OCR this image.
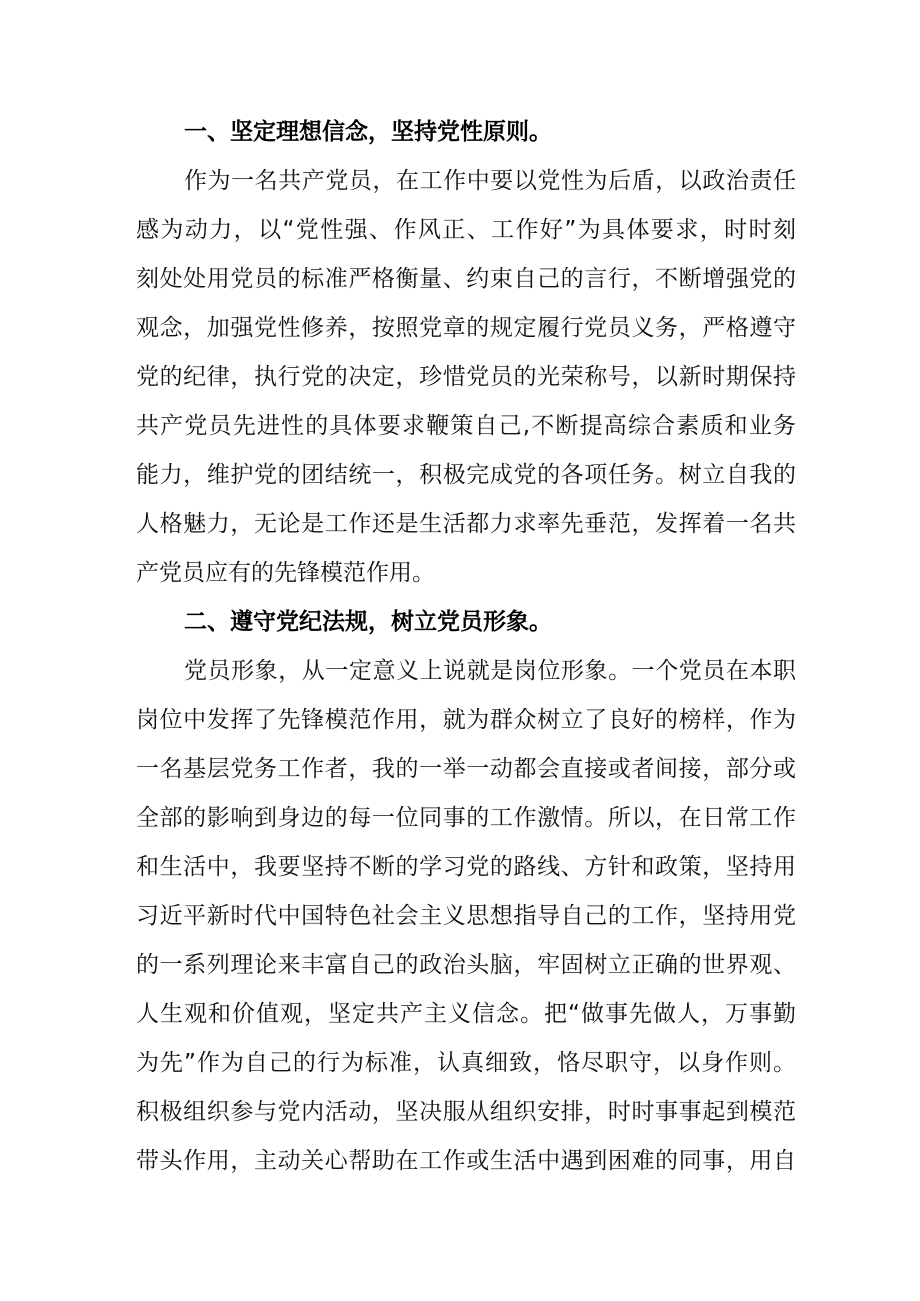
一、坚定理想信念，坚持党性原则。
作为一名共产党员，在工作中要以党性为后盾，以政治责任
感为动力，以“党性强、作风正、工作好”为具体要求，时时刻
刻处处用党员的标准严格衡量、约束自己的言行，不断增强党的
观念，加强党性修养，按照党章的规定履行党员义务，严格遵守
党的纪律，执行党的决定，珍惜党员的光荣称号，以新时期保持
共产党员先进性的具体要求鞭策自己,不断提高综合素质和业务
能力，维护党的团结统一，积极完成党的各项任务。树立自我的
人格魅力，无论是工作还是生活都力求率先垂范，发挥着一名共
产党员应有的先锋模范作用。
二、遵守党纪法规，树立党员形象。
党员形象，从一定意义上说就是岗位形象。一个党员在本职
岗位中发挥了先锋模范作用，就为群众树立了良好的榜样，作为
一名基层党务工作者，我的一举一动都会直接或者间接，部分或
全部的影响到身边的每一位同事的工作激情。所以，在日常工作
和生活中，我要坚持不断的学习党的路线、方针和政策，坚持用
习近平新时代中国特色社会主义思想指导自己的工作，坚持用党
的一系列理论来丰富自己的政治头脑，牢固树立正确的世界观、
人生观和价值观，坚定共产主义信念。把“做事先做人，万事勤
为先”作为自己的行为标准，认真细致，恪尽职守，以身作则。
积极组织参与党内活动，坚决服从组织安排，时时事事起到模范
带头作用，主动关心帮助在工作或生活中遇到困难的同事，用自
